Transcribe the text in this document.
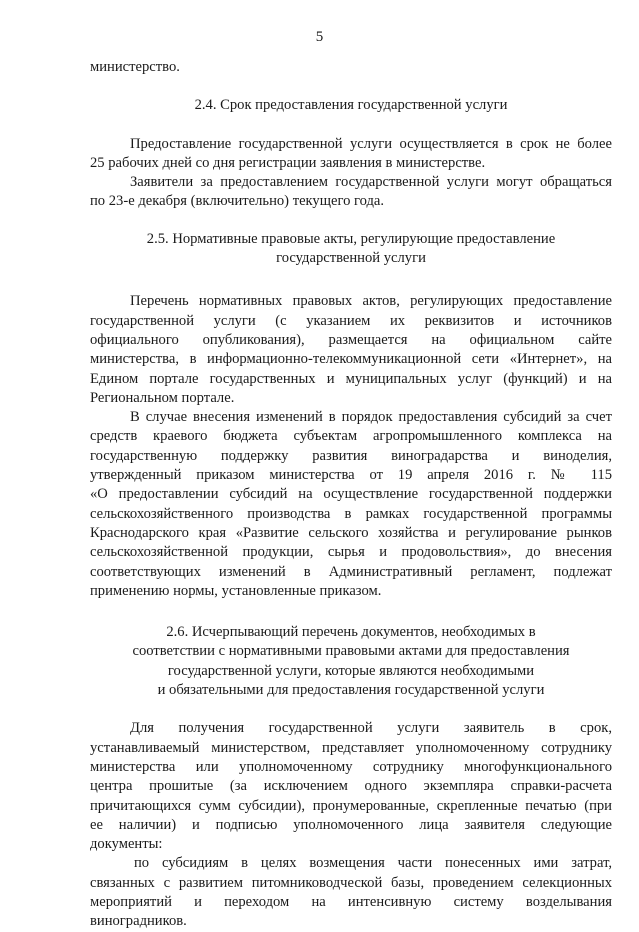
5

министерство.

2.4. Срок предоставления государственной услуги

Предоставление государственной услуги осуществляется в срок не более

25 рабочих дней со дня регистрации заявления в министерстве.

Заявители за предоставлением государственной услуги могут обращаться

по 23-е декабря (включительно) текущего года.

2.5. Нормативные правовые акты, регулирующие предоставление
государственной услуги

Перечень нормативных правовых актов, регулирующих предоставление

государственной услуги (с указанием их реквизитов и источников

официального опубликования), размещается на официальном сайте

министерства, в информационно-телекоммуникационной сети «Интернет», на

Едином портале государственных и муниципальных услуг (функций) и на

Региональном портале.

В случае внесения изменений в порядок предоставления субсидий за счет

средств краевого бюджета субъектам агропромышленного комплекса на

государственную поддержку развития виноградарства и виноделия,

утвержденный приказом министерства от 19 апреля 2016 г. № 115

«О предоставлении субсидий на осуществление государственной поддержки

сельскохозяйственного производства в рамках государственной программы

Краснодарского края «Развитие сельского хозяйства и регулирование рынков

сельскохозяйственной продукции, сырья и продовольствия», до внесения

соответствующих изменений в Административный регламент, подлежат

применению нормы, установленные приказом.

2.6. Исчерпывающий перечень документов, необходимых в
соответствии с нормативными правовыми актами для предоставления
государственной услуги, которые являются необходимыми
и обязательными для предоставления государственной услуги

Для получения государственной услуги заявитель в срок,

устанавливаемый министерством, представляет уполномоченному сотруднику

министерства или уполномоченному сотруднику многофункционального

центра прошитые (за исключением одного экземпляра справки-расчета

причитающихся сумм субсидии), пронумерованные, скрепленные печатью (при

ее наличии) и подписью уполномоченного лица заявителя следующие

документы:

по субсидиям в целях возмещения части понесенных ими затрат,

связанных с развитием питомниководческой базы, проведением селекционных

мероприятий и переходом на интенсивную систему возделывания

виноградников.
